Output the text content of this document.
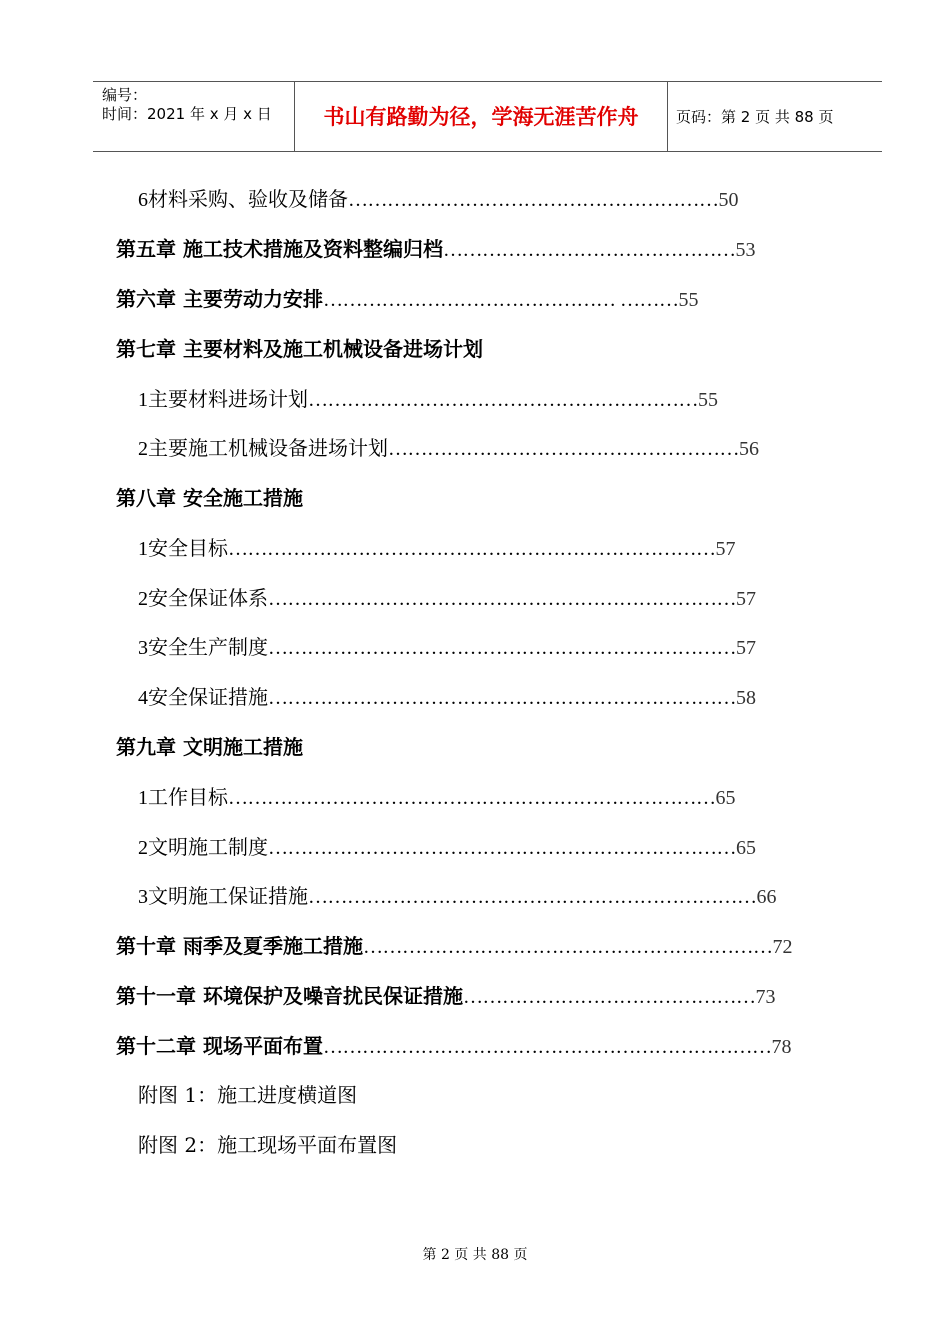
编号：
时间：2021 年 x 月 x 日	书山有路勤为径，学海无涯苦作舟	页码：第 2 页 共 88 页
6 材料采购、验收及储备 ………………………………………………… 50
第五章 施工技术措施及资料整编归档 ……………………………………… 53
第六章 主要劳动力安排 ……………………………………… ……… 55
第七章 主要材料及施工机械设备进场计划
1 主要材料进场计划 …………………………………………………… 55
2 主要施工机械设备进场计划 ……………………………………………… 56
第八章 安全施工措施
1 安全目标 ………………………………………………………………… 57
2 安全保证体系 ……………………………………………………………… 57
3 安全生产制度 ……………………………………………………………… 57
4 安全保证措施 ……………………………………………………………… 58
第九章 文明施工措施
1 工作目标 ………………………………………………………………… 65
2 文明施工制度 ……………………………………………………………… 65
3 文明施工保证措施 …………………………………………………………… 66
第十章 雨季及夏季施工措施 ……………………………………………………… 72
第十一章 环境保护及噪音扰民保证措施 ……………………………………… 73
第十二章 现场平面布置 …………………………………………………………… 78
附图 1：施工进度横道图
附图 2：施工现场平面布置图
第 2 页 共 88 页
